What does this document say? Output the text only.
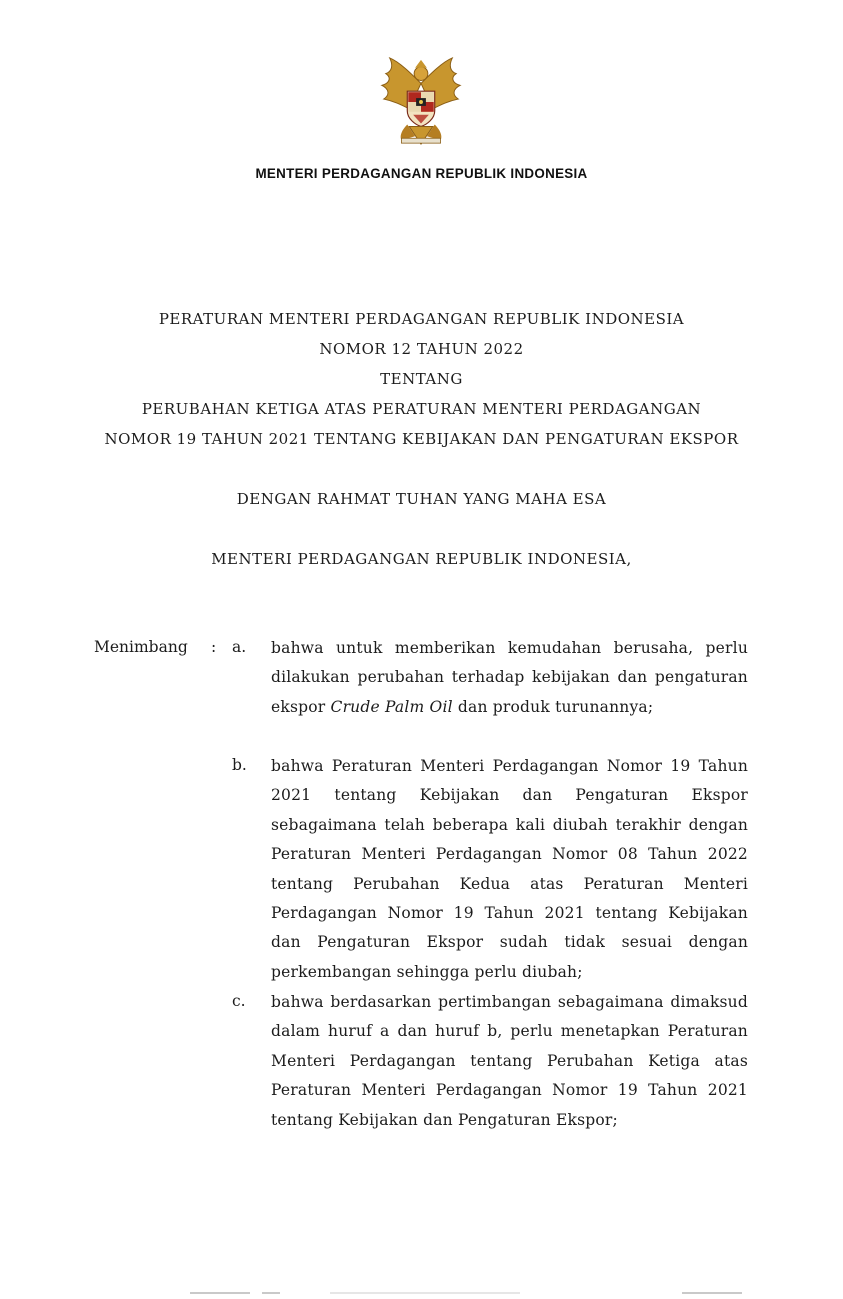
MENTERI PERDAGANGAN REPUBLIK INDONESIA
PERATURAN MENTERI PERDAGANGAN REPUBLIK INDONESIA
NOMOR 12 TAHUN 2022
TENTANG
PERUBAHAN KETIGA ATAS PERATURAN MENTERI PERDAGANGAN
NOMOR 19 TAHUN 2021 TENTANG KEBIJAKAN DAN PENGATURAN EKSPOR
DENGAN RAHMAT TUHAN YANG MAHA ESA
MENTERI PERDAGANGAN REPUBLIK INDONESIA,
Menimbang : a. bahwa untuk memberikan kemudahan berusaha, perlu dilakukan perubahan terhadap kebijakan dan pengaturan ekspor Crude Palm Oil dan produk turunannya;
b. bahwa Peraturan Menteri Perdagangan Nomor 19 Tahun 2021 tentang Kebijakan dan Pengaturan Ekspor sebagaimana telah beberapa kali diubah terakhir dengan Peraturan Menteri Perdagangan Nomor 08 Tahun 2022 tentang Perubahan Kedua atas Peraturan Menteri Perdagangan Nomor 19 Tahun 2021 tentang Kebijakan dan Pengaturan Ekspor sudah tidak sesuai dengan perkembangan sehingga perlu diubah;
c. bahwa berdasarkan pertimbangan sebagaimana dimaksud dalam huruf a dan huruf b, perlu menetapkan Peraturan Menteri Perdagangan tentang Perubahan Ketiga atas Peraturan Menteri Perdagangan Nomor 19 Tahun 2021 tentang Kebijakan dan Pengaturan Ekspor;
